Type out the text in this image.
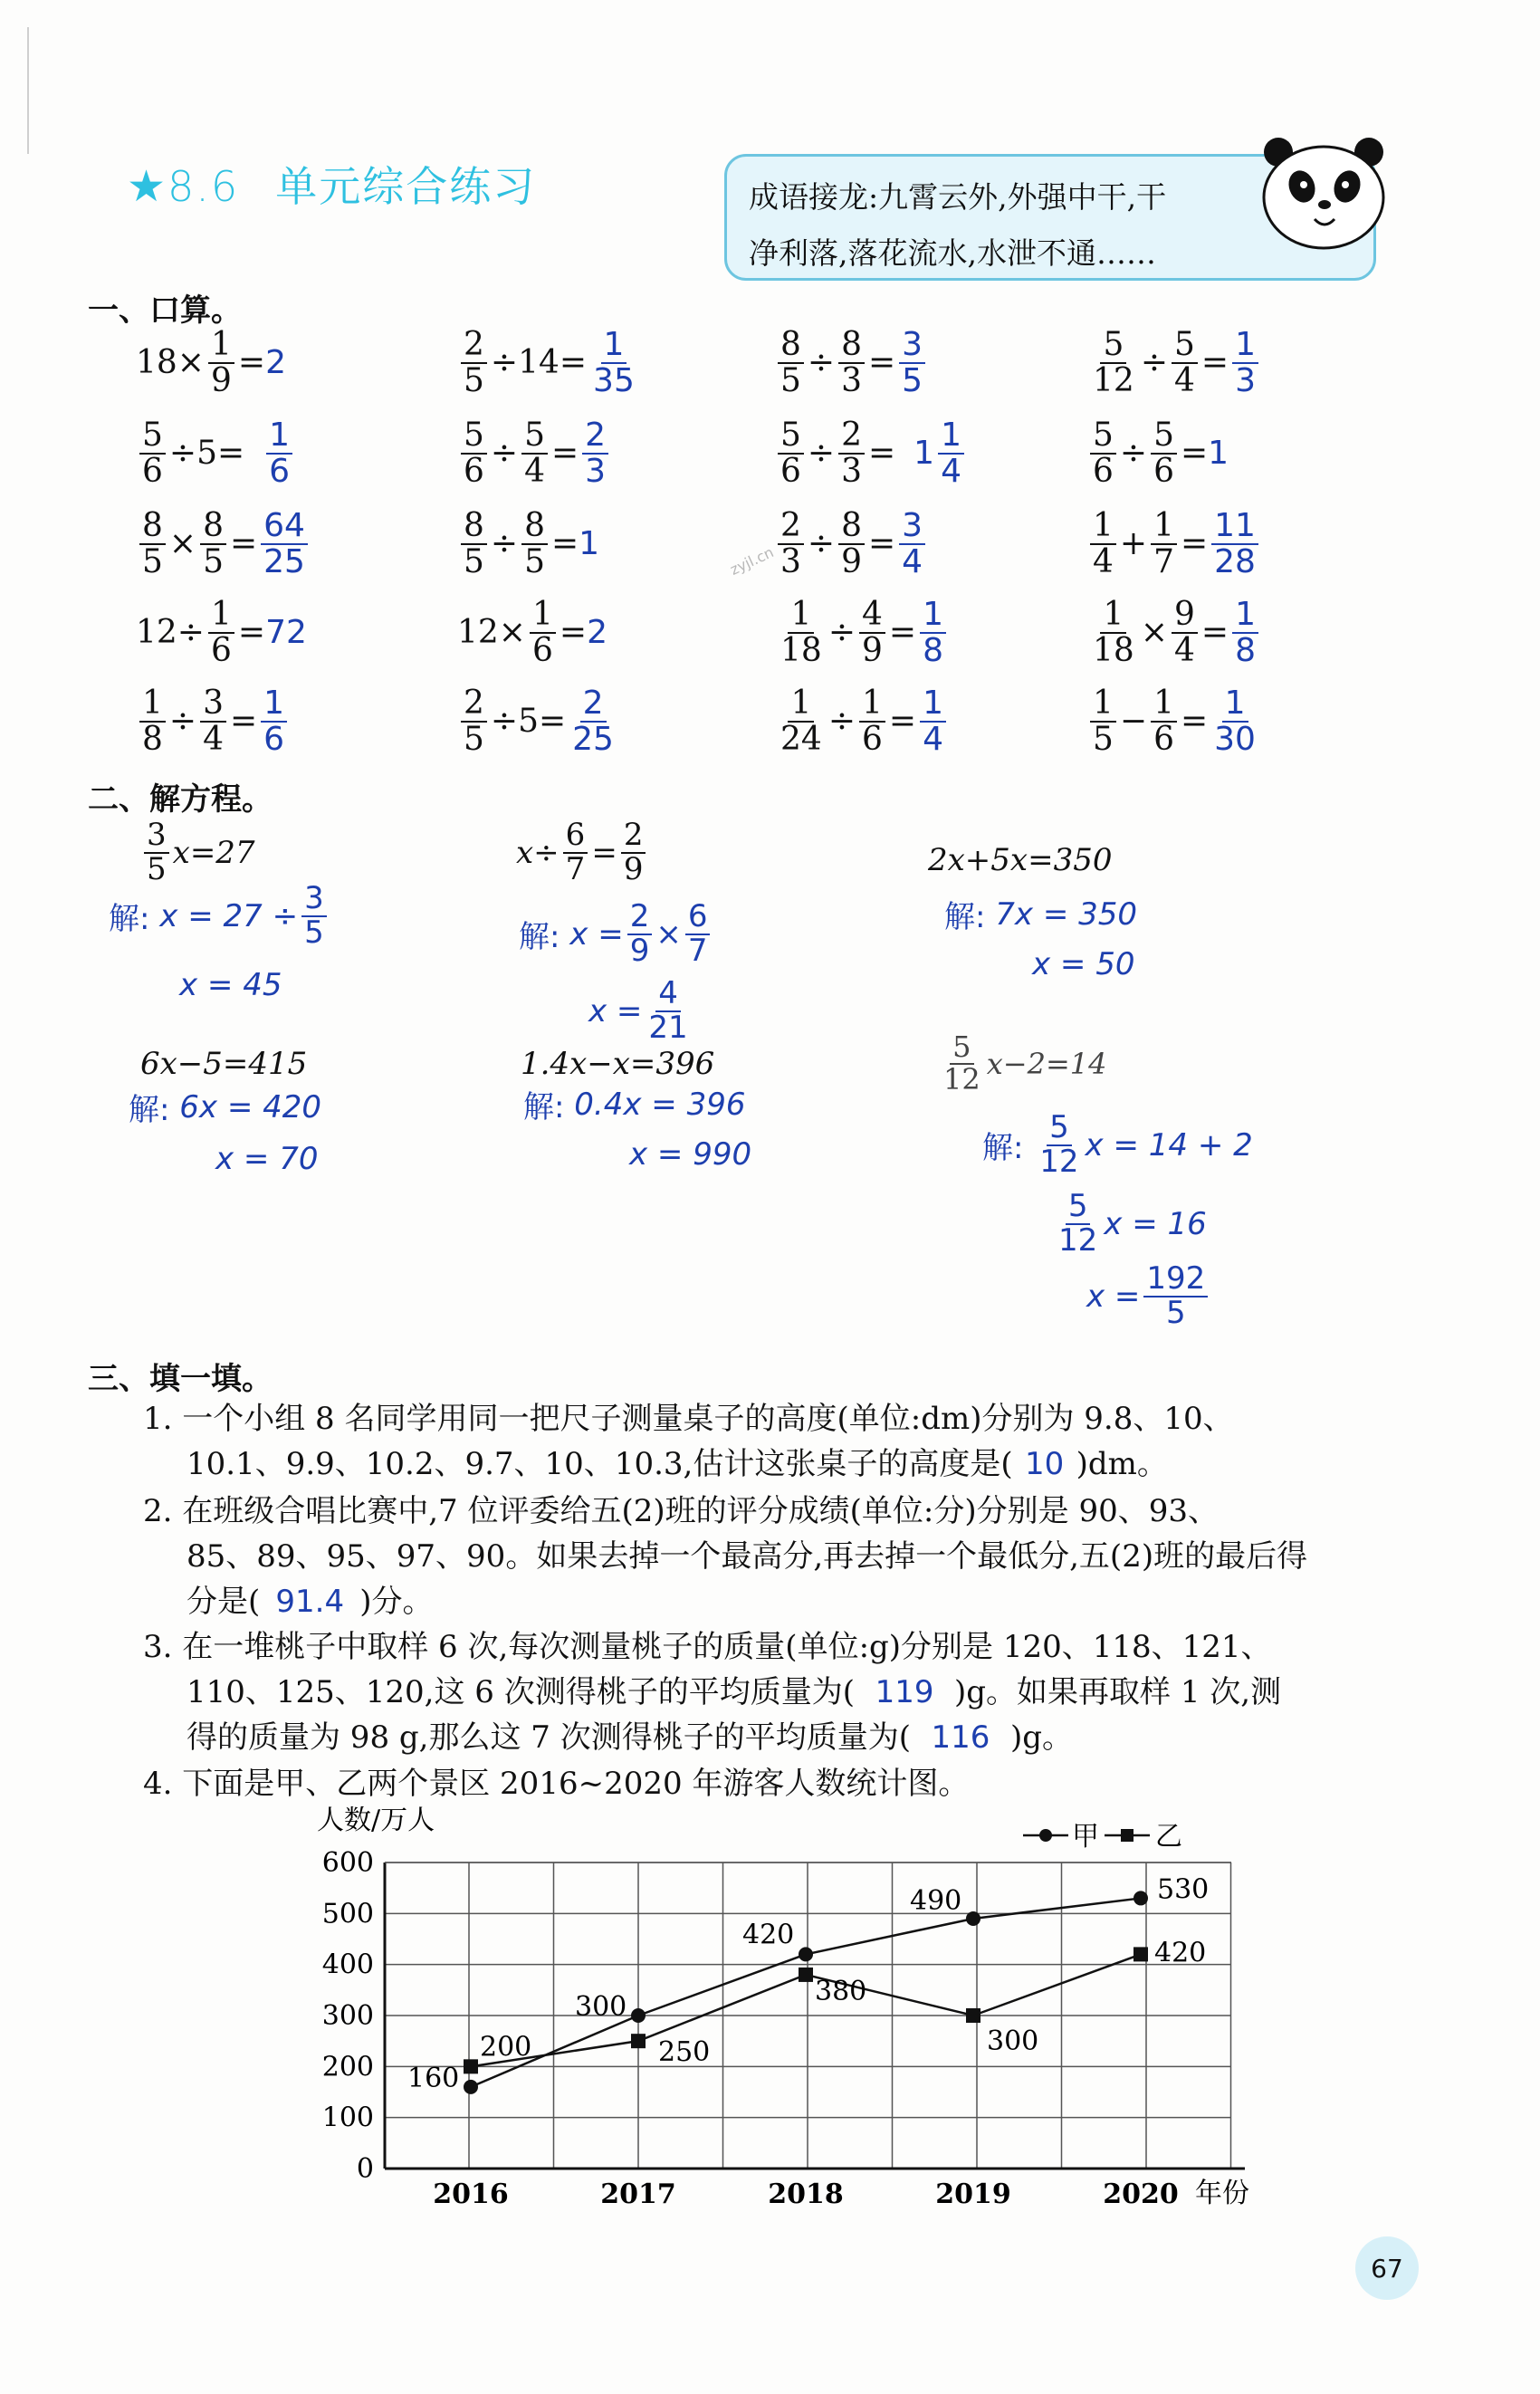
★8.6 单元综合练习	成语接龙:九霄云外,外强中干,干
净利落,落花流水,水泄不通……
一、口算。
$18\times \frac{1}{9} = 2$	$\frac{2}{5} \div 14= \frac{1}{35}$	$\frac{8}{5} \div \frac{8}{3} = \frac{3}{5}$	$\frac{5}{12} \div \frac{5}{4} = \frac{1}{3}$
$\frac{5}{6} \div 5= \frac{1}{6}$	$\frac{5}{6} \div \frac{5}{4} = \frac{2}{3}$	$\frac{5}{6} \div \frac{2}{3} = 1 \frac{1}{4}$	$\frac{5}{6} \div \frac{5}{6} = 1$
$\frac{8}{5} \times \frac{8}{5} = \frac{64}{25}$	$\frac{8}{5} \div \frac{8}{5} = 1$	$\frac{2}{3} \div \frac{8}{9} = \frac{3}{4}$	$\frac{1}{4} + \frac{1}{7} = \frac{11}{28}$
$12\div \frac{1}{6} = 72$	$12\times \frac{1}{6} = 2$	$\frac{1}{18} \div \frac{4}{9} = \frac{1}{8}$	$\frac{1}{18} \times \frac{9}{4} = \frac{1}{8}$
$\frac{1}{8} \div \frac{3}{4} = \frac{1}{6}$	$\frac{2}{5} \div 5= \frac{2}{25}$	$\frac{1}{24} \div \frac{1}{6} = \frac{1}{4}$	$\frac{1}{5} - \frac{1}{6} = \frac{1}{30}$
zyjl.cn
二、解方程。
$\frac{3}{5} x=27$
解:
$x = 27 \div \frac{3}{5}$
x = 45
$x\div \frac{6}{7} = \frac{2}{9}$
解:
$x = \frac{2}{9} \times \frac{6}{7}$
$x = \frac{4}{21}$
2x+5x=350
解:
7x = 350
x = 50
6x−5=415
解:
6x = 420
x = 70
1.4x−x=396
解:
0.4x = 396
x = 990
$\frac{5}{12} x-2=14$
解:
$\frac{5}{12}$ x = 14 + 2
$\frac{5}{12}$ x = 16
$x = \frac{192}{5}$
三、填一填。
1. 一个小组 8 名同学用同一把尺子测量桌子的高度(单位:dm)分别为 9.8、10、
10.1、9.9、10.2、9.7、10、10.3,估计这张桌子的高度是( 10 )dm。
2. 在班级合唱比赛中,7 位评委给五(2)班的评分成绩(单位:分)分别是 90、93、
85、89、95、97、90。如果去掉一个最高分,再去掉一个最低分,五(2)班的最后得
分是( 91.4 )分。
3. 在一堆桃子中取样 6 次,每次测量桃子的质量(单位:g)分别是 120、118、121、
110、125、120,这 6 次测得桃子的平均质量为( 119 )g。如果再取样 1 次,测
得的质量为 98 g,那么这 7 次测得桃子的平均质量为( 116 )g。
4. 下面是甲、乙两个景区 2016~2020 年游客人数统计图。
0
100
200
300
400
500
600
2016	2017	2018	2019	2020
160
300
420
490	530
200	250
380
300
420
人数/万人
年份
甲 乙
67
